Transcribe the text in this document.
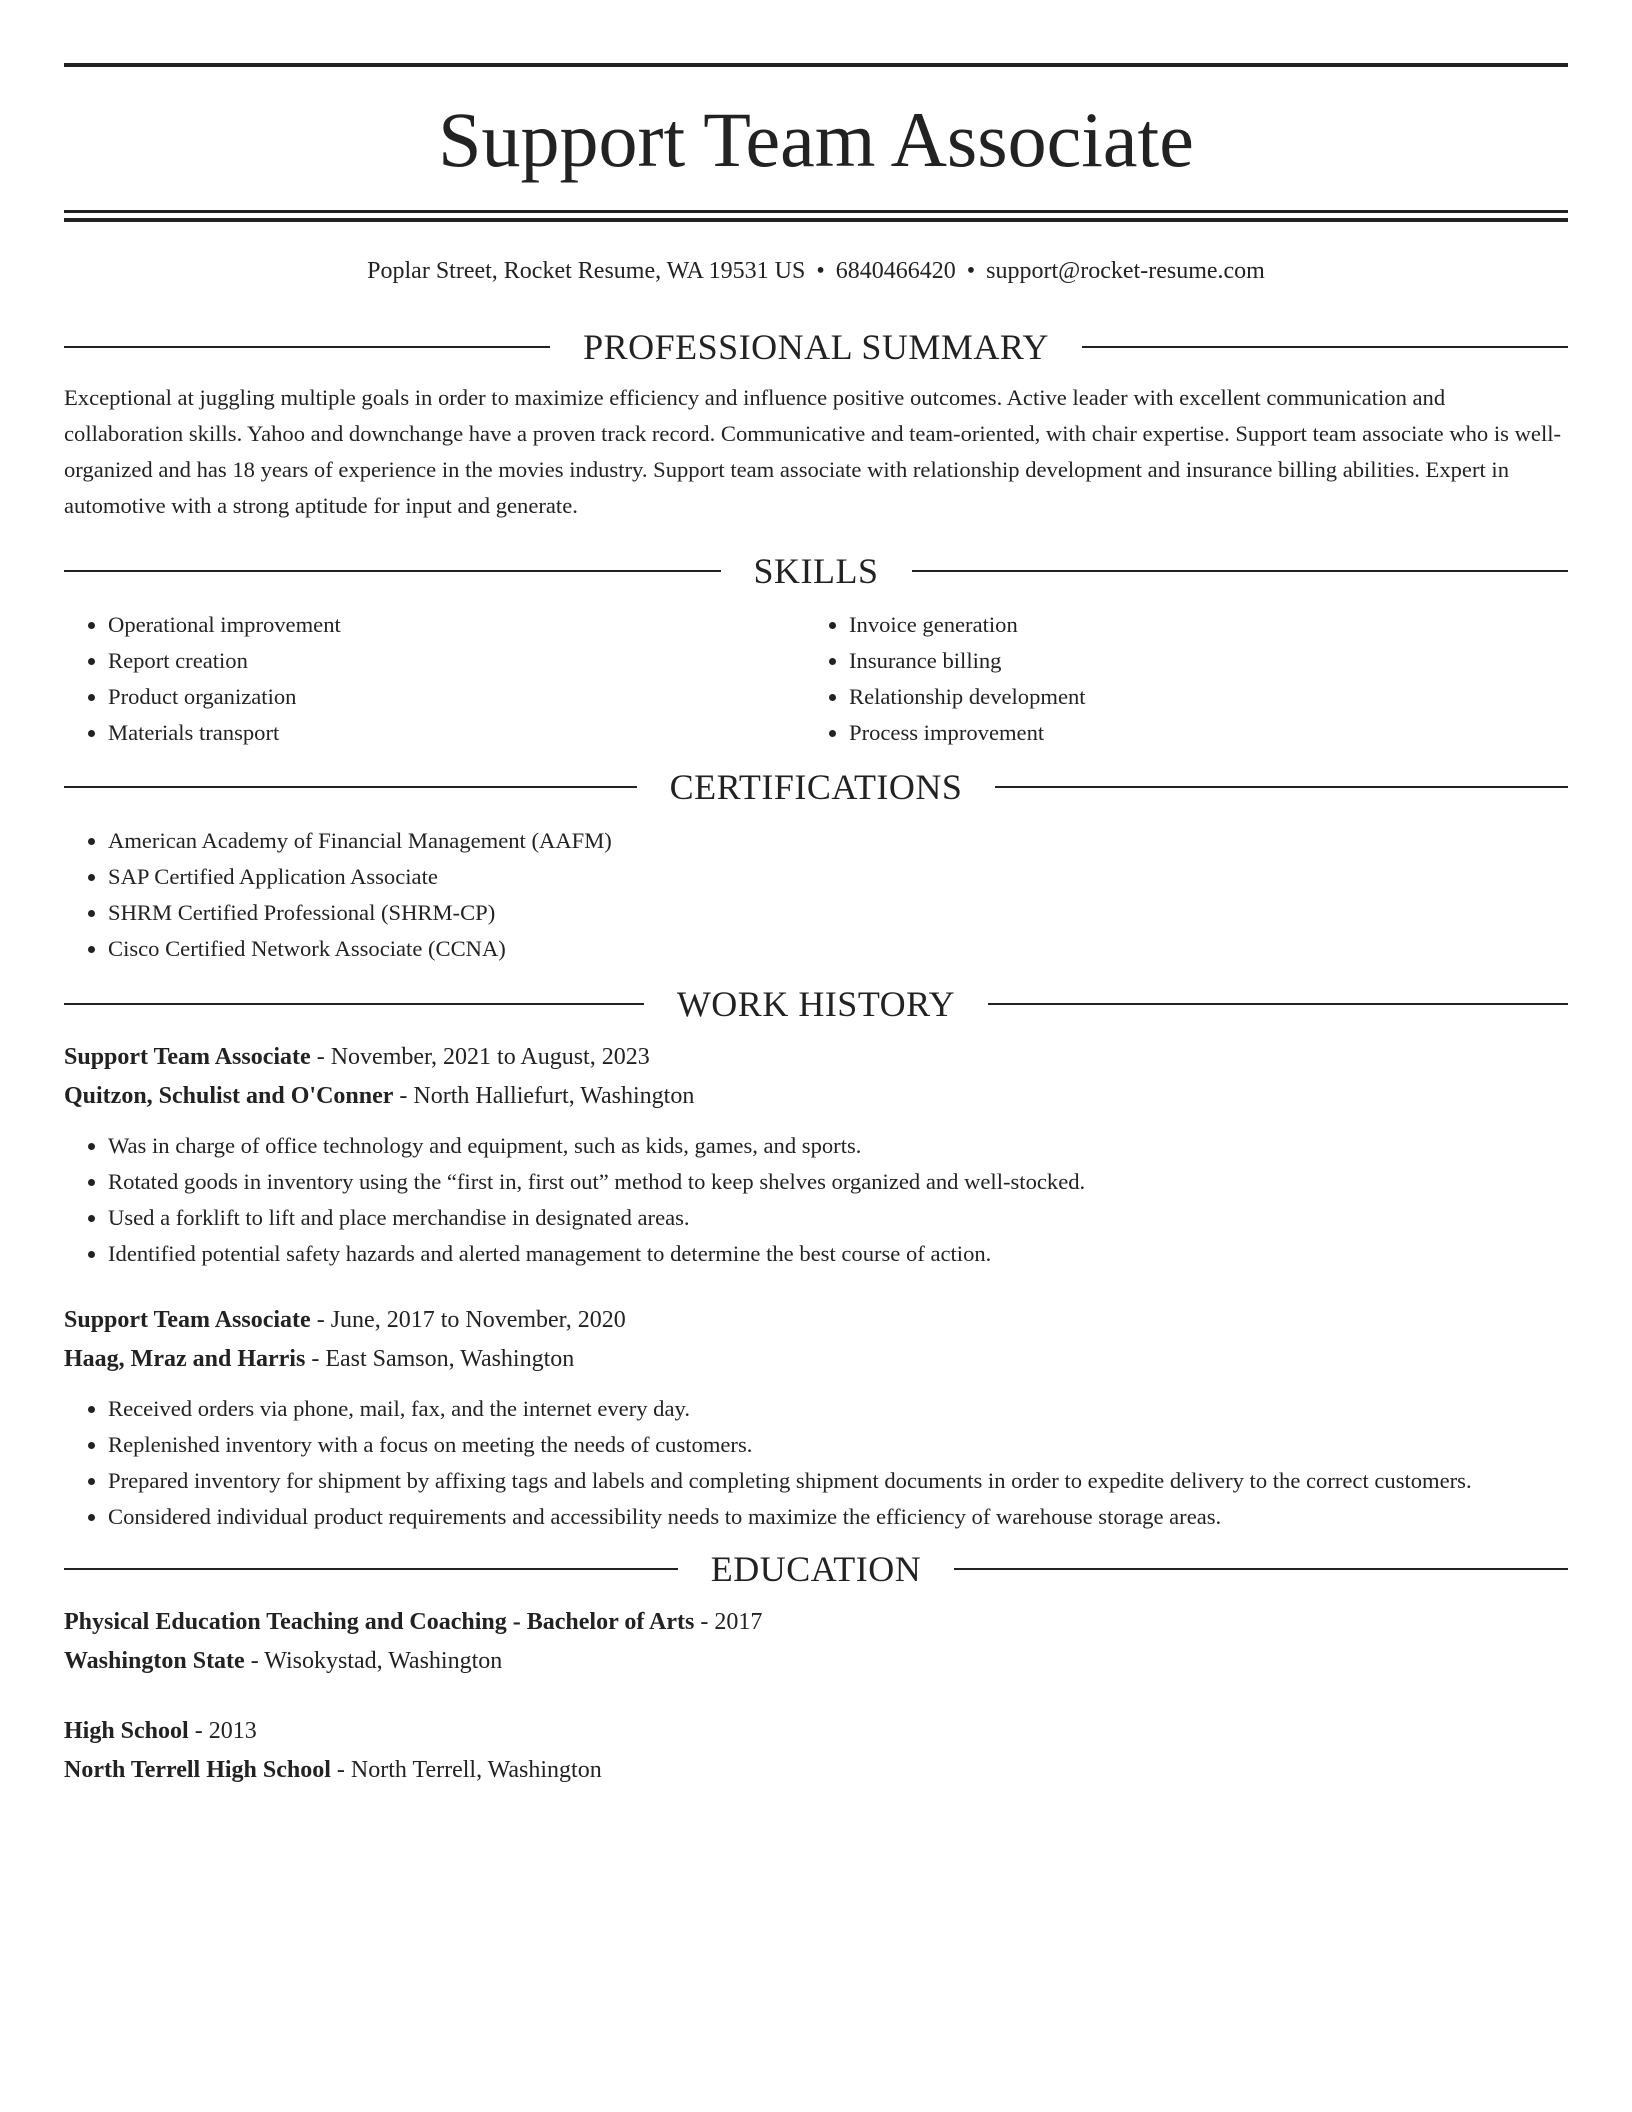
Support Team Associate
Poplar Street, Rocket Resume, WA 19531 US • 6840466420 • support@rocket-resume.com
PROFESSIONAL SUMMARY

Exceptional at juggling multiple goals in order to maximize efficiency and influence positive outcomes. Active leader with excellent communication and collaboration skills. Yahoo and downchange have a proven track record. Communicative and team-oriented, with chair expertise. Support team associate who is well-organized and has 18 years of experience in the movies industry. Support team associate with relationship development and insurance billing abilities. Expert in automotive with a strong aptitude for input and generate.

SKILLS
• Operational improvement
• Report creation
• Product organization
• Materials transport
• Invoice generation
• Insurance billing
• Relationship development
• Process improvement
CERTIFICATIONS
• American Academy of Financial Management (AAFM)
• SAP Certified Application Associate
• SHRM Certified Professional (SHRM-CP)
• Cisco Certified Network Associate (CCNA)
WORK HISTORY
Support Team Associate - November, 2021 to August, 2023
Quitzon, Schulist and O'Conner - North Halliefurt, Washington
• Was in charge of office technology and equipment, such as kids, games, and sports.
• Rotated goods in inventory using the “first in, first out” method to keep shelves organized and well-stocked.
• Used a forklift to lift and place merchandise in designated areas.
• Identified potential safety hazards and alerted management to determine the best course of action.
Support Team Associate - June, 2017 to November, 2020
Haag, Mraz and Harris - East Samson, Washington
• Received orders via phone, mail, fax, and the internet every day.
• Replenished inventory with a focus on meeting the needs of customers.
• Prepared inventory for shipment by affixing tags and labels and completing shipment documents in order to expedite delivery to the correct customers.
• Considered individual product requirements and accessibility needs to maximize the efficiency of warehouse storage areas.
EDUCATION
Physical Education Teaching and Coaching - Bachelor of Arts - 2017
Washington State - Wisokystad, Washington
High School - 2013
North Terrell High School - North Terrell, Washington
